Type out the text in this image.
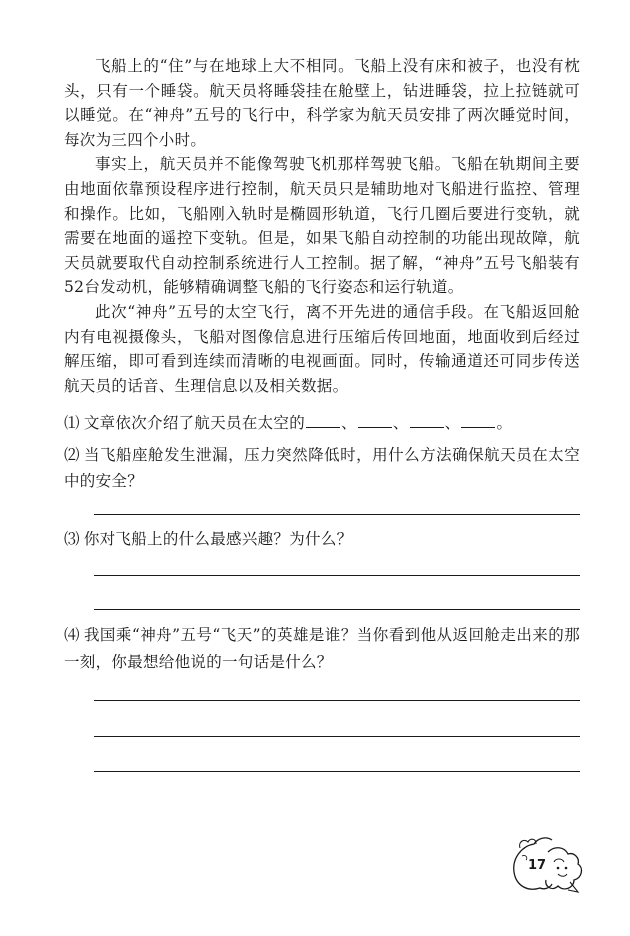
飞船上的“住”与在地球上大不相同。飞船上没有床和被子，也没有枕头，只有一个睡袋。航天员将睡袋挂在舱壁上，钻进睡袋，拉上拉链就可以睡觉。在“神舟”五号的飞行中，科学家为航天员安排了两次睡觉时间，每次为三四个小时。

事实上，航天员并不能像驾驶飞机那样驾驶飞船。飞船在轨期间主要由地面依靠预设程序进行控制，航天员只是辅助地对飞船进行监控、管理和操作。比如，飞船刚入轨时是椭圆形轨道，飞行几圈后要进行变轨，就需要在地面的遥控下变轨。但是，如果飞船自动控制的功能出现故障，航天员就要取代自动控制系统进行人工控制。据了解，“神舟”五号飞船装有52台发动机，能够精确调整飞船的飞行姿态和运行轨道。

此次“神舟”五号的太空飞行，离不开先进的通信手段。在飞船返回舱内有电视摄像头，飞船对图像信息进行压缩后传回地面，地面收到后经过解压缩，即可看到连续而清晰的电视画面。同时，传输通道还可同步传送航天员的话音、生理信息以及相关数据。

⑴ 文章依次介绍了航天员在太空的 、 、 、 。
⑵ 当飞船座舱发生泄漏，压力突然降低时，用什么方法确保航天员在太空中的安全？
⑶ 你对飞船上的什么最感兴趣？为什么？
⑷ 我国乘“神舟”五号“飞天”的英雄是谁？当你看到他从返回舱走出来的那一刻，你最想给他说的一句话是什么？
17
